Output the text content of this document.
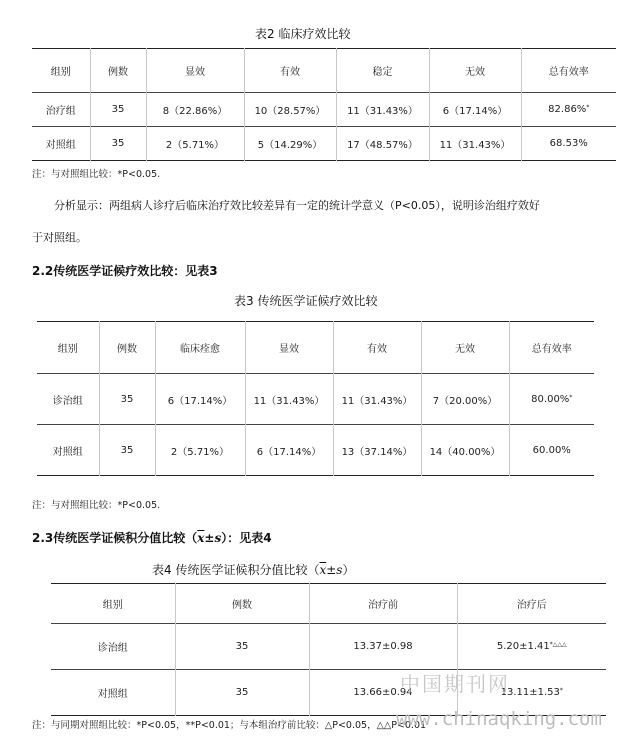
表2 临床疗效比较
组别	例数	显效	有效	稳定	无效	总有效率
治疗组	35	8（22.86%）	10（28.57%）	11（31.43%）	6（17.14%）	82.86%*
对照组	35	2（5.71%）	5（14.29%）	17（48.57%）	11（31.43%）	68.53%
注：与对照组比较：*P<0.05.
分析显示：两组病人诊疗后临床治疗效比较差异有一定的统计学意义（P<0.05），说明诊治组疗效好
于对照组。
2.2传统医学证候疗效比较：见表3
表3 传统医学证候疗效比较
组别	例数	临床痊愈	显效	有效	无效	总有效率
诊治组	35	6（17.14%）	11（31.43%）	11（31.43%）	7（20.00%）	80.00%*
对照组	35	2（5.71%）	6（17.14%）	13（37.14%）	14（40.00%）	60.00%
注：与对照组比较：*P<0.05.
2.3传统医学证候积分值比较$(\overline{x}\pm s)$：见表4
表4 传统医学证候积分值比较$(\overline{x}\pm s)$
组别	例数	治疗前	治疗后
诊治组	35	13.37±0.98	5.20±1.41*△△△
对照组	35	13.66±0.94	13.11±1.53*
注：与同期对照组比较：*P<0.05，**P<0.01；与本组治疗前比较：△P<0.05，△△P<0.01
中国期刊网
www.chinaqking.com
